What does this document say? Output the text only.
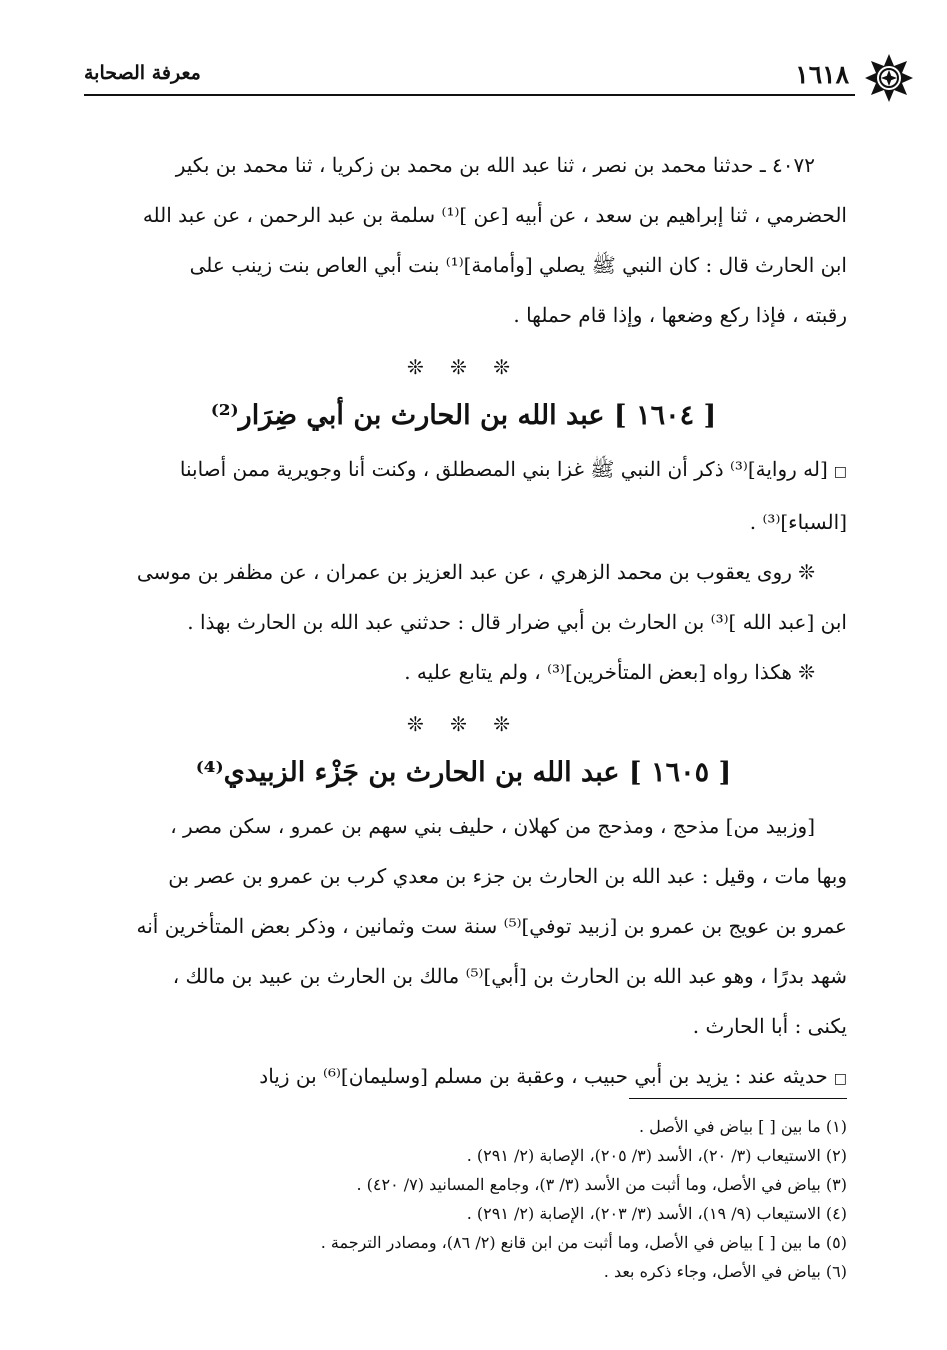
١٦١٨
معرفة الصحابة

٤٠٧٢ ـ حدثنا محمد بن نصر ، ثنا عبد الله بن محمد بن زكريا ، ثنا محمد بن بكير

الحضرمي ، ثنا إبراهيم بن سعد ، عن أبيه [عن ]⁽¹⁾ سلمة بن عبد الرحمن ، عن عبد الله

ابن الحارث قال : كان النبي ﷺ يصلي [وأمامة]⁽¹⁾ بنت أبي العاص بنت زينب على

رقبته ، فإذا ركع وضعها ، وإذا قام حملها .

❊ ❊ ❊
[ ١٦٠٤ ] عبد الله بن الحارث بن أبي ضِرَار⁽²⁾

□[له رواية]⁽³⁾ ذكر أن النبي ﷺ غزا بني المصطلق ، وكنت أنا وجويرية ممن أصابنا

[السباء]⁽³⁾ .

❊ روى يعقوب بن محمد الزهري ، عن عبد العزيز بن عمران ، عن مظفر بن موسى

ابن [عبد الله ]⁽³⁾ بن الحارث بن أبي ضرار قال : حدثني عبد الله بن الحارث بهذا .

❊ هكذا رواه [بعض المتأخرين]⁽³⁾ ، ولم يتابع عليه .

❊ ❊ ❊
[ ١٦٠٥ ] عبد الله بن الحارث بن جَزْء الزبيدي⁽⁴⁾

[وزبيد من] مذحج ، ومذحج من كهلان ، حليف بني سهم بن عمرو ، سكن مصر ،

وبها مات ، وقيل : عبد الله بن الحارث بن جزء بن معدي كرب بن عمرو بن عصر بن

عمرو بن عويج بن عمرو بن [زبيد توفي]⁽⁵⁾ سنة ست وثمانين ، وذكر بعض المتأخرين أنه

شهد بدرًا ، وهو عبد الله بن الحارث بن [أبي]⁽⁵⁾ مالك بن الحارث بن عبيد بن مالك ،

يكنى : أبا الحارث .

□حديثه عند : يزيد بن أبي حبيب ، وعقبة بن مسلم [وسليمان]⁽⁶⁾ بن زياد

(١) ما بين [ ] بياض في الأصل .

(٢) الاستيعاب (٣/ ٢٠)، الأسد (٣/ ٢٠٥)، الإصابة (٢/ ٢٩١) .

(٣) بياض في الأصل، وما أثبت من الأسد (٣/ ٣)، وجامع المسانيد (٧/ ٤٢٠) .

(٤) الاستيعاب (٩/ ١٩)، الأسد (٣/ ٢٠٣)، الإصابة (٢/ ٢٩١) .

(٥) ما بين [ ] بياض في الأصل، وما أثبت من ابن قانع (٢/ ٨٦)، ومصادر الترجمة .

(٦) بياض في الأصل، وجاء ذكره بعد .
